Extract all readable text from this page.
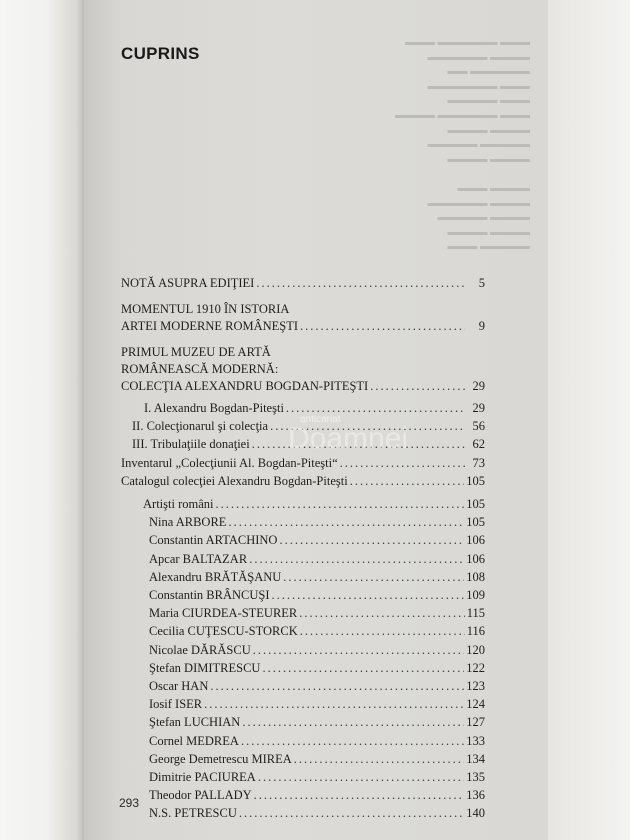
▬▬▬ ▬▬▬▬▬▬ ▬▬▬
▬▬▬▬ ▬▬▬▬▬▬
▬▬▬▬▬▬ ▬▬
▬▬▬ ▬▬▬▬▬▬▬
▬▬▬ ▬▬▬▬▬
▬▬▬ ▬▬▬▬▬▬ ▬▬▬▬
▬▬▬▬ ▬▬▬▬
▬▬▬▬▬ ▬▬▬▬▬
▬▬▬▬ ▬▬▬▬

▬▬▬▬ ▬▬▬
▬▬▬▬ ▬▬▬▬▬▬
▬▬▬▬ ▬▬▬▬▬
▬▬▬▬ ▬▬▬▬
▬▬▬▬▬ ▬▬▬
CUPRINS
NOTĂ ASUPRA EDIŢIEI .....	5
MOMENTUL 1910 ÎN ISTORIA
ARTEI MODERNE ROMÂNEŞTI .....	9
PRIMUL MUZEU DE ARTĂ
ROMÂNEASCĂ MODERNĂ:
COLECŢIA ALEXANDRU BOGDAN-PITEŞTI .....	29
I. Alexandru Bogdan-Piteşti .....	29
II. Colecţionarul şi colecţia .....	56
III. Tribulaţiile donaţiei .....	62
Inventarul „Colecţiunii Al. Bogdan-Piteşti“ .....	73
Catalogul colecţiei Alexandru Bogdan-Piteşti .....	105
Artişti români .....	105
Nina ARBORE .....	105
Constantin ARTACHINO .....	106
Apcar BALTAZAR .....	106
Alexandru BRĂTĂŞANU .....	108
Constantin BRÂNCUŞI .....	109
Maria CIURDEA-STEURER .....	115
Cecilia CUŢESCU-STORCK .....	116
Nicolae DĂRĂSCU .....	120
Ştefan DIMITRESCU .....	122
Oscar HAN .....	123
Iosif ISER .....	124
Ştefan LUCHIAN .....	127
Cornel MEDREA .....	133
George Demetrescu MIREA .....	134
Dimitrie PACIUREA .....	135
Theodor PALLADY .....	136
N.S. PETRESCU .....	140
anticariat
Doamnei
293
